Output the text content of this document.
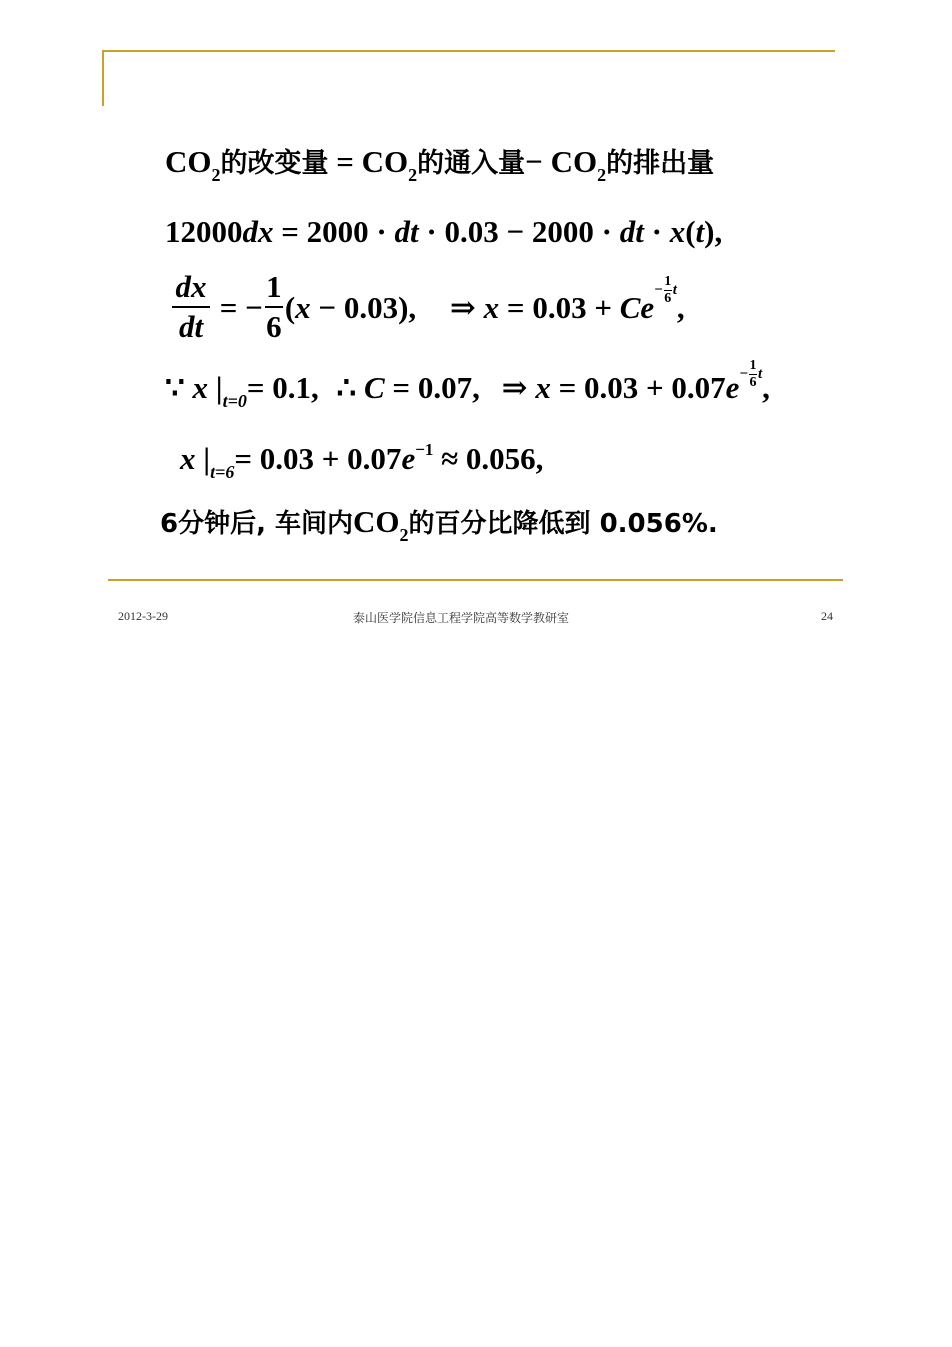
CO2的改变量 = CO2的通入量− CO2的排出量
12000dx = 2000 · dt · 0.03 − 2000 · dt · x(t),
$\frac{dx}{dt}$ = − $\frac{1}{6} (x - 0.03)$, ⇒ $x = 0.03 + Ce- \frac{1}{6} t$,
∵ x |t=0= 0.1, ∴ C = 0.07, ⇒ $x = 0.03 + 0.07e- \frac{1}{6} t$,
x |t=6= 0.03 + 0.07e−1 ≈ 0.056,
6分钟后, 车间内CO2的百分比降低到 0.056%.
2012-3-29	泰山医学院信息工程学院高等数学教研室	24
